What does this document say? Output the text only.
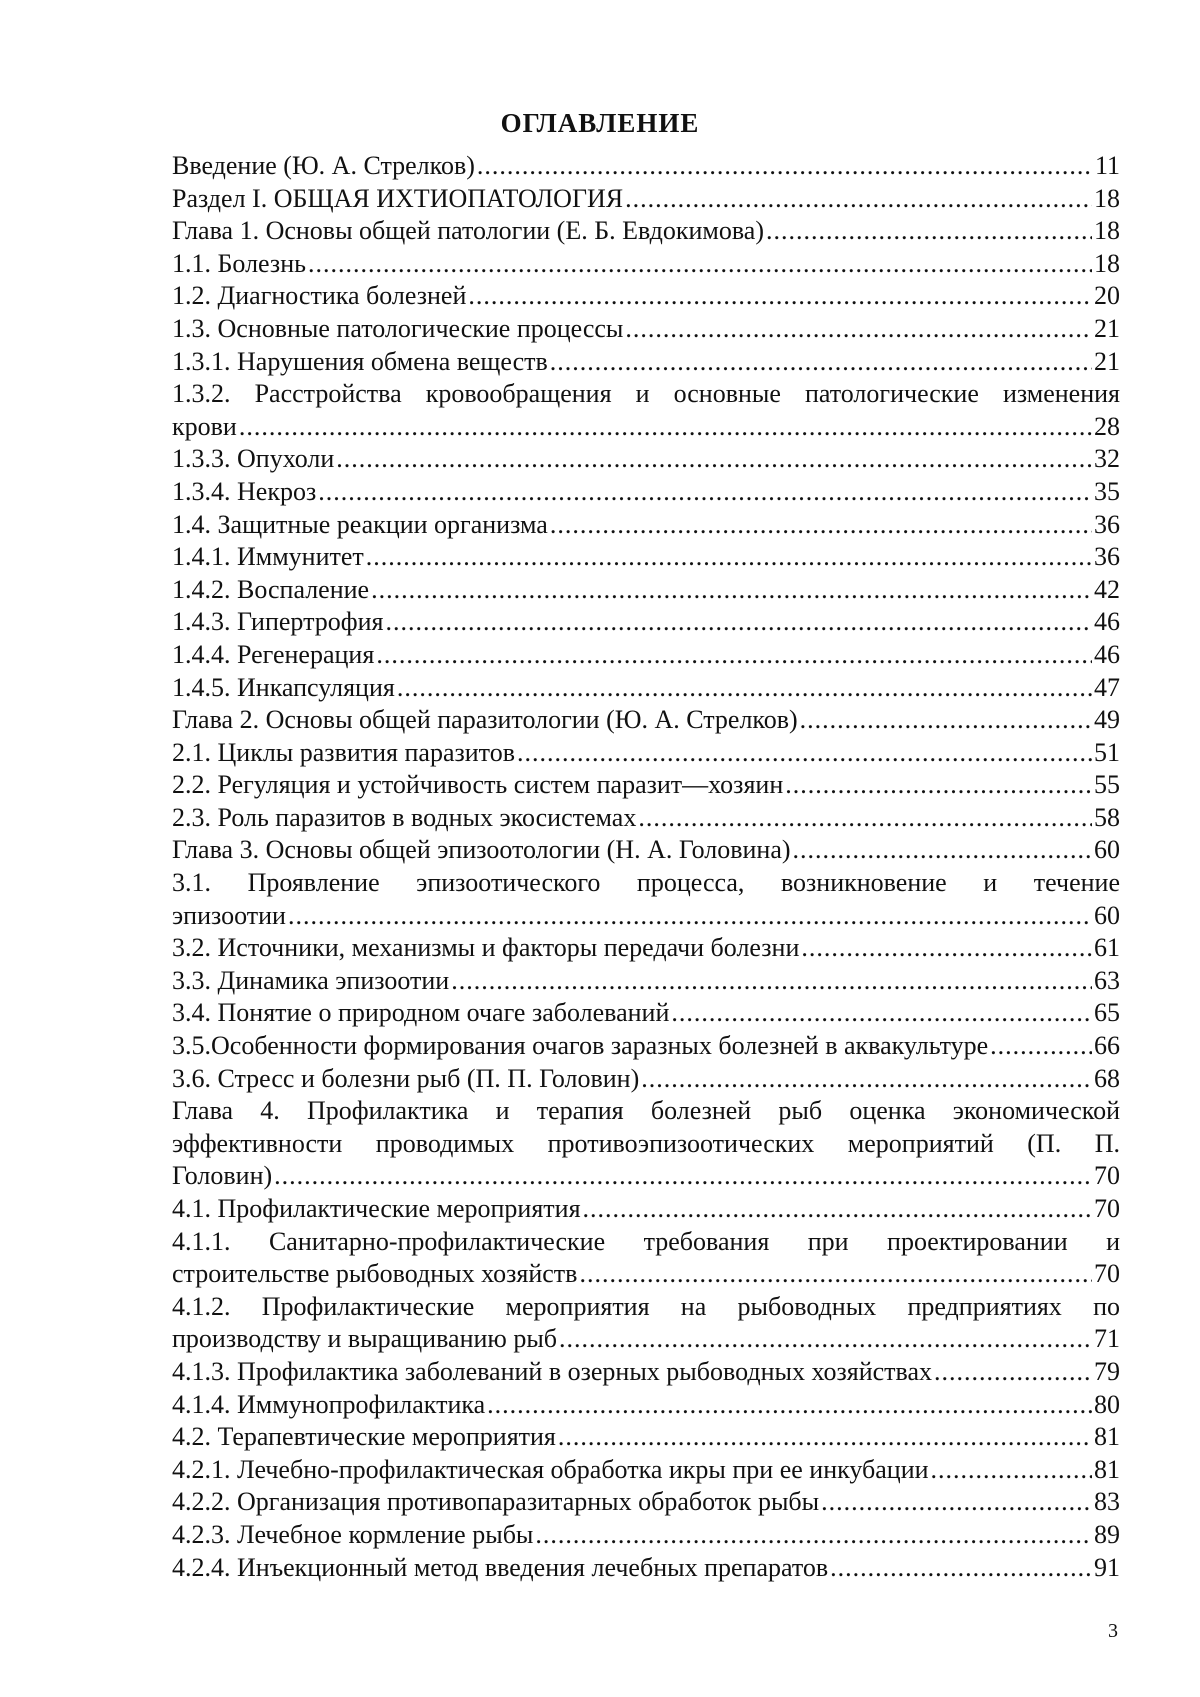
ОГЛАВЛЕНИЕ
Введение (Ю. А. Стрелков) .....	11
Раздел I. ОБЩАЯ ИХТИОПАТОЛОГИЯ .....	18
Глава 1. Основы общей патологии (Е. Б. Евдокимова) .....	18
1.1. Болезнь .....	18
1.2. Диагностика болезней .....	20
1.3. Основные патологические процессы .....	21
1.3.1. Нарушения обмена веществ .....	21
1.3.2. Расстройства кровообращения и основные патологические изменения
крови .....	28
1.3.3. Опухоли .....	32
1.3.4. Некроз .....	35
1.4. Защитные реакции организма .....	36
1.4.1. Иммунитет .....	36
1.4.2. Воспаление .....	42
1.4.3. Гипертрофия .....	46
1.4.4. Регенерация .....	46
1.4.5. Инкапсуляция .....	47
Глава 2. Основы общей паразитологии (Ю. А. Стрелков) .....	49
2.1. Циклы развития паразитов .....	51
2.2. Регуляция и устойчивость систем паразит—хозяин .....	55
2.3. Роль паразитов в водных экосистемах .....	58
Глава 3. Основы общей эпизоотологии (Н. А. Головина) .....	60
3.1. Проявление эпизоотического процесса, возникновение и течение
эпизоотии .....	60
3.2. Источники, механизмы и факторы передачи болезни .....	61
3.3. Динамика эпизоотии .....	63
3.4. Понятие о природном очаге заболеваний .....	65
3.5.Особенности формирования очагов заразных болезней в аквакультуре .....	66
3.6. Стресс и болезни рыб (П. П. Головин) .....	68
Глава 4. Профилактика и терапия болезней рыб оценка экономической
эффективности проводимых противоэпизоотических мероприятий (П. П.
Головин) .....	70
4.1. Профилактические мероприятия .....	70
4.1.1. Санитарно-профилактические требования при проектировании и
строительстве рыбоводных хозяйств .....	70
4.1.2. Профилактические мероприятия на рыбоводных предприятиях по
производству и выращиванию рыб .....	71
4.1.3. Профилактика заболеваний в озерных рыбоводных хозяйствах .....	79
4.1.4. Иммунопрофилактика .....	80
4.2. Терапевтические мероприятия .....	81
4.2.1. Лечебно-профилактическая обработка икры при ее инкубации .....	81
4.2.2. Организация противопаразитарных обработок рыбы .....	83
4.2.3. Лечебное кормление рыбы .....	89
4.2.4. Инъекционный метод введения лечебных препаратов .....	91
3
